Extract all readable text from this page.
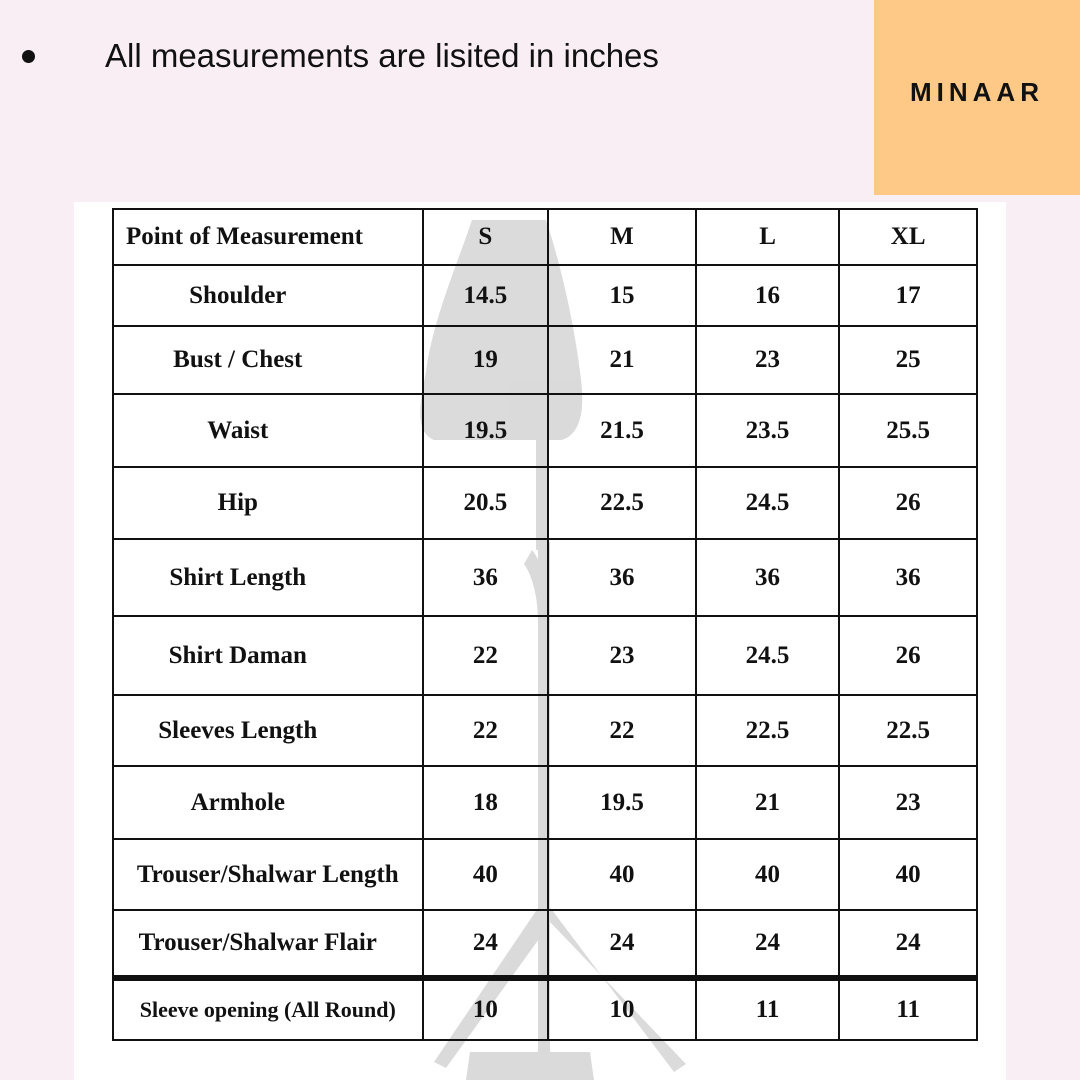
All measurements are lisited in inches
MINAAR
Point of Measurement	S	M	L	XL
Shoulder	14.5	15	16	17
Bust / Chest	19	21	23	25
Waist	19.5	21.5	23.5	25.5
Hip	20.5	22.5	24.5	26
Shirt Length	36	36	36	36
Shirt Daman	22	23	24.5	26
Sleeves Length	22	22	22.5	22.5
Armhole	18	19.5	21	23
Trouser/Shalwar Length	40	40	40	40
Trouser/Shalwar Flair	24	24	24	24
Sleeve opening (All Round)	10	10	11	11
